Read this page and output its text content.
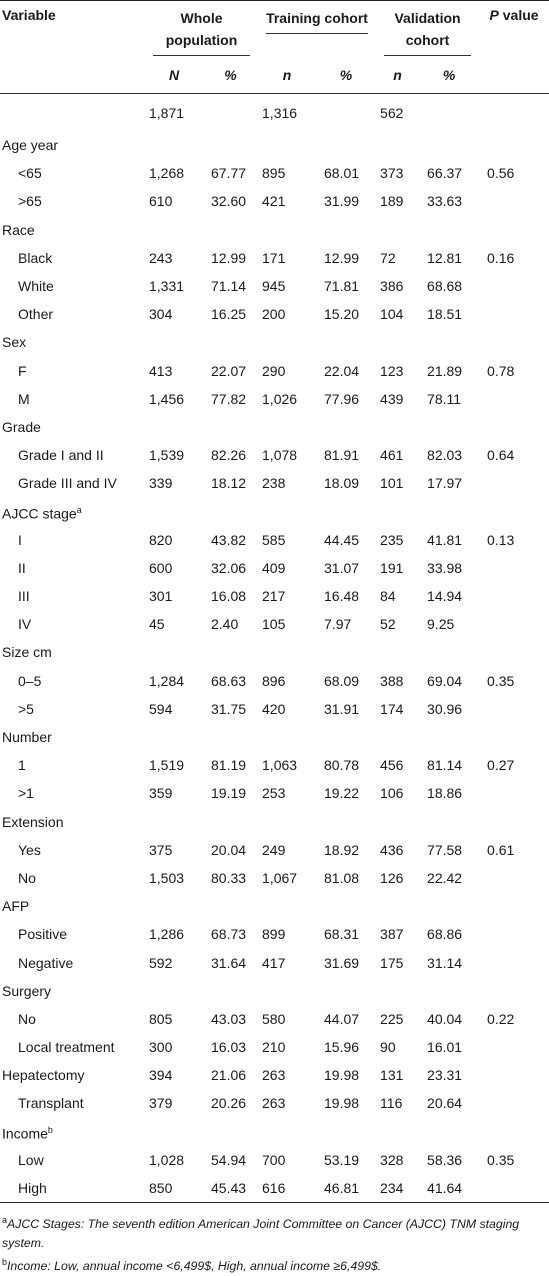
Variable	Whole population		Training cohort		Validation cohort		P value
	N	%	n	%	n	%	
	1,871		1,316		562		
Age year							
<65	1,268	67.77	895	68.01	373	66.37	0.56
>65	610	32.60	421	31.99	189	33.63	
Race							
Black	243	12.99	171	12.99	72	12.81	0.16
White	1,331	71.14	945	71.81	386	68.68	
Other	304	16.25	200	15.20	104	18.51	
Sex							
F	413	22.07	290	22.04	123	21.89	0.78
M	1,456	77.82	1,026	77.96	439	78.11	
Grade							
Grade I and II	1,539	82.26	1,078	81.91	461	82.03	0.64
Grade III and IV	339	18.12	238	18.09	101	17.97	
AJCC stage$^a$							
I	820	43.82	585	44.45	235	41.81	0.13
II	600	32.06	409	31.07	191	33.98	
III	301	16.08	217	16.48	84	14.94	
IV	45	2.40	105	7.97	52	9.25	
Size cm							
0–5	1,284	68.63	896	68.09	388	69.04	0.35
>5	594	31.75	420	31.91	174	30.96	
Number							
1	1,519	81.19	1,063	80.78	456	81.14	0.27
>1	359	19.19	253	19.22	106	18.86	
Extension							
Yes	375	20.04	249	18.92	436	77.58	0.61
No	1,503	80.33	1,067	81.08	126	22.42	
AFP							
Positive	1,286	68.73	899	68.31	387	68.86	
Negative	592	31.64	417	31.69	175	31.14	
Surgery							
No	805	43.03	580	44.07	225	40.04	0.22
Local treatment	300	16.03	210	15.96	90	16.01	
Hepatectomy	394	21.06	263	19.98	131	23.31	
Transplant	379	20.26	263	19.98	116	20.64	
Income$^b$							
Low	1,028	54.94	700	53.19	328	58.36	0.35
High	850	45.43	616	46.81	234	41.64	
$^a$AJCC Stages: The seventh edition American Joint Committee on Cancer (AJCC) TNM staging system.
$^b$Income: Low, annual income <6,499$, High, annual income ≥6,499$.
